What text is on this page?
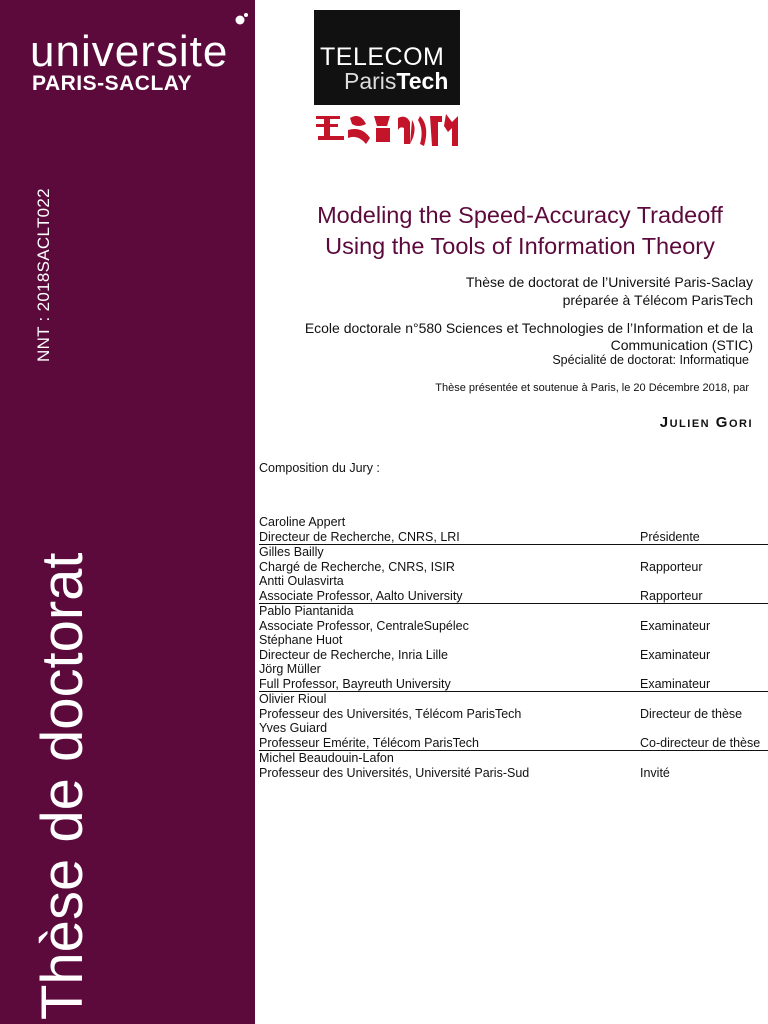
universite
PARIS-SACLAY
NNT : 2018SACLT022
Thèse de doctorat
TELECOM
ParisTech
Modeling the Speed-Accuracy Tradeoff
Using the Tools of Information Theory
Thèse de doctorat de l’Université Paris-Saclay
préparée à Télécom ParisTech
Ecole doctorale n°580 Sciences et Technologies de l’Information et de la Communication (STIC)
Spécialité de doctorat: Informatique
Thèse présentée et soutenue à Paris, le 20 Décembre 2018, par
Julien Gori
Composition du Jury :
Caroline Appert
Directeur de Recherche, CNRS, LRI	Présidente
Gilles Bailly
Chargé de Recherche, CNRS, ISIR	Rapporteur
Antti Oulasvirta
Associate Professor, Aalto University	Rapporteur
Pablo Piantanida
Associate Professor, CentraleSupélec	Examinateur
Stéphane Huot
Directeur de Recherche, Inria Lille	Examinateur
Jörg Müller
Full Professor, Bayreuth University	Examinateur
Olivier Rioul
Professeur des Universités, Télécom ParisTech	Directeur de thèse
Yves Guiard
Professeur Emérite, Télécom ParisTech	Co-directeur de thèse
Michel Beaudouin-Lafon
Professeur des Universités, Université Paris-Sud	Invité
